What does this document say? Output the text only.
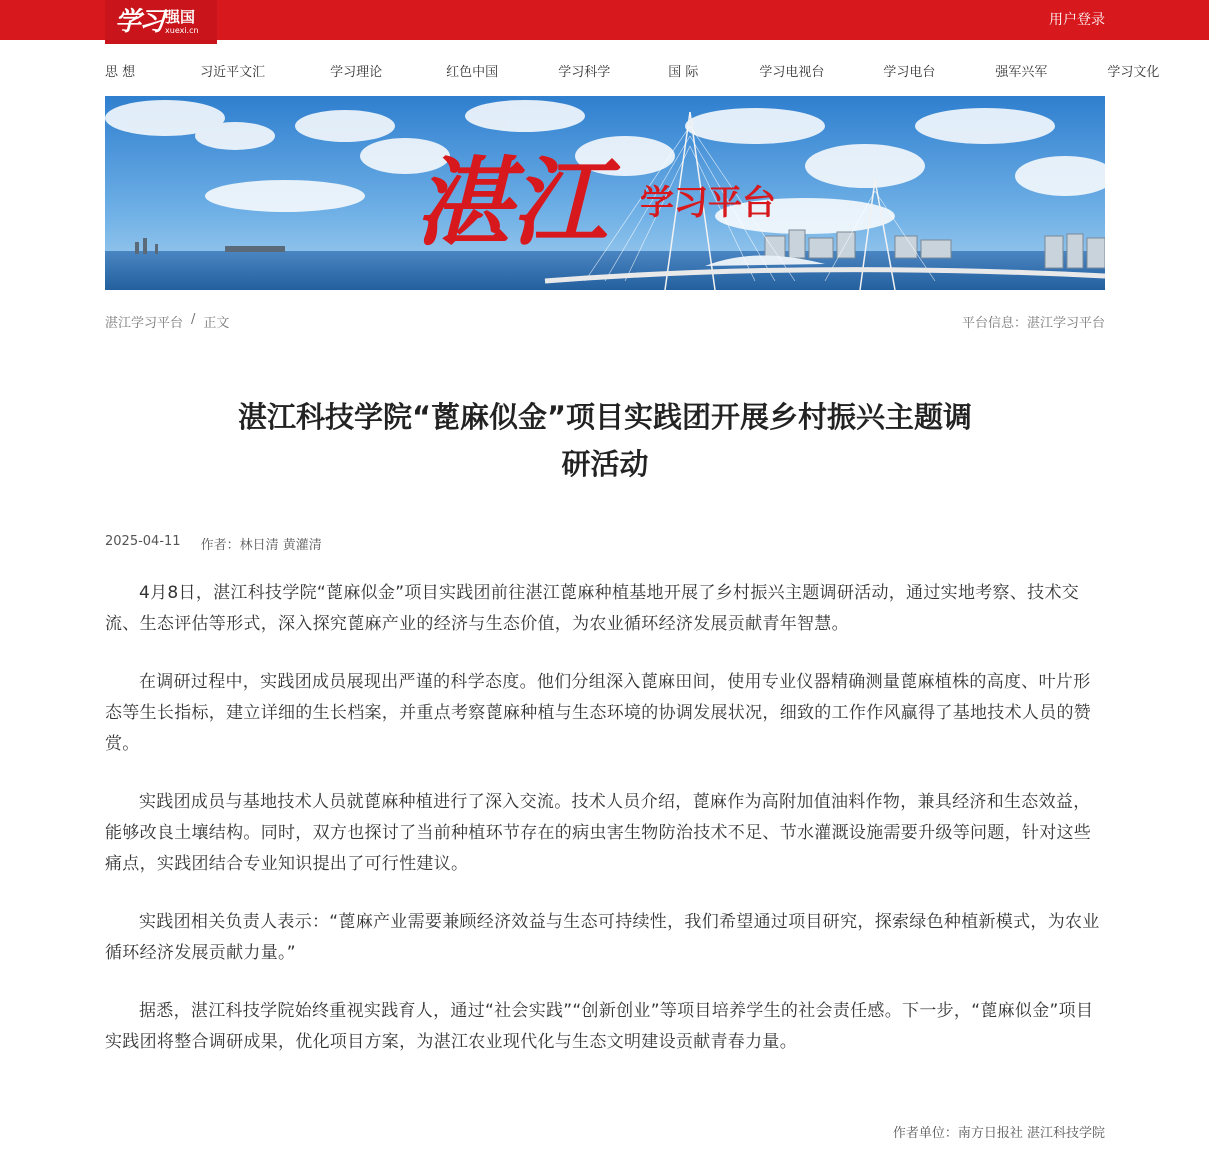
学习 强国
xuexi.cn
用户登录
思 想	习近平文汇	学习理论	红色中国	学习科学	国 际	学习电视台	学习电台	强军兴军	学习文化
湛江 学习平台
湛江学习平台 / 正文	平台信息：湛江学习平台
湛江科技学院“蓖麻似金”项目实践团开展乡村振兴主题调
研活动
2025-04-11 作者：林日清 黄灌清

4月8日，湛江科技学院“蓖麻似金”项目实践团前往湛江蓖麻种植基地开展了乡村振兴主题调研活动，通过实地考察、技术交流、生态评估等形式，深入探究蓖麻产业的经济与生态价值，为农业循环经济发展贡献青年智慧。

在调研过程中，实践团成员展现出严谨的科学态度。他们分组深入蓖麻田间，使用专业仪器精确测量蓖麻植株的高度、叶片形态等生长指标，建立详细的生长档案，并重点考察蓖麻种植与生态环境的协调发展状况，细致的工作作风赢得了基地技术人员的赞赏。

实践团成员与基地技术人员就蓖麻种植进行了深入交流。技术人员介绍，蓖麻作为高附加值油料作物，兼具经济和生态效益，能够改良土壤结构。同时，双方也探讨了当前种植环节存在的病虫害生物防治技术不足、节水灌溉设施需要升级等问题，针对这些痛点，实践团结合专业知识提出了可行性建议。

实践团相关负责人表示：“蓖麻产业需要兼顾经济效益与生态可持续性，我们希望通过项目研究，探索绿色种植新模式，为农业循环经济发展贡献力量。”

据悉，湛江科技学院始终重视实践育人，通过“社会实践”“创新创业”等项目培养学生的社会责任感。下一步，“蓖麻似金”项目实践团将整合调研成果，优化项目方案，为湛江农业现代化与生态文明建设贡献青春力量。

作者单位：南方日报社 湛江科技学院
